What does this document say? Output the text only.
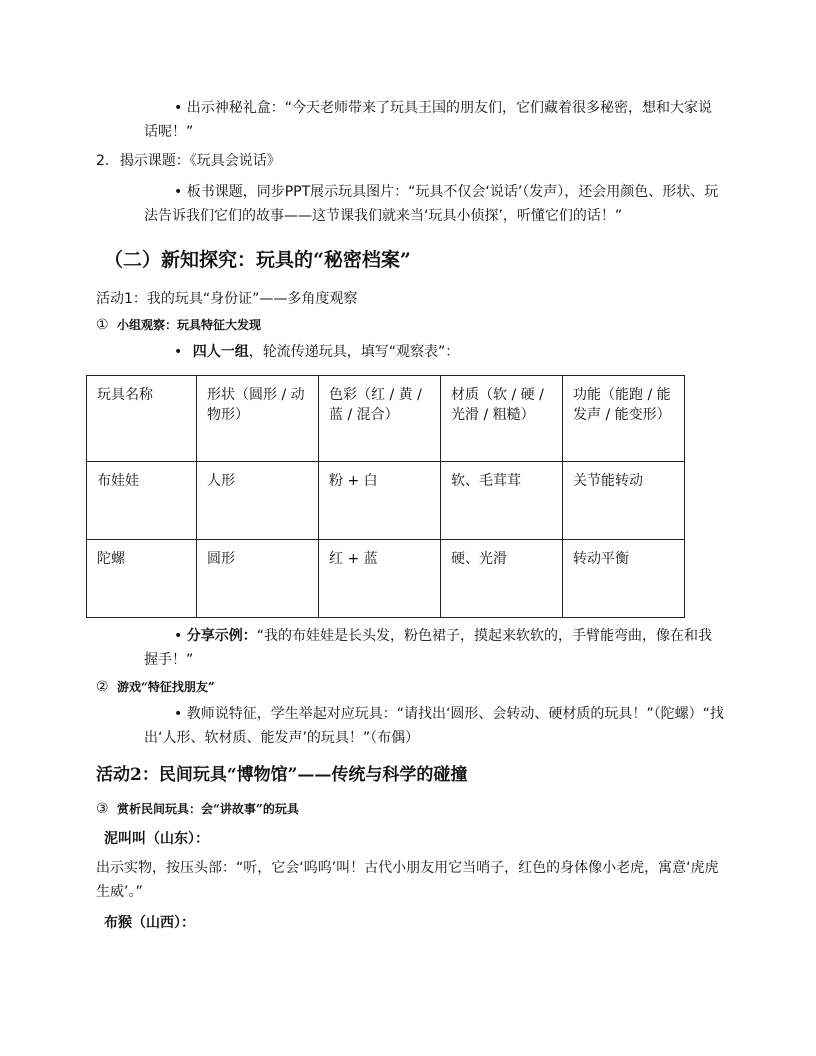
• 出示神秘礼盒：“今天老师带来了玩具王国的朋友们，它们藏着很多秘密，想和大家说话呢！”
2. 揭示课题：《玩具会说话》
• 板书课题，同步PPT展示玩具图片：“玩具不仅会‘说话’（发声），还会用颜色、形状、玩法告诉我们它们的故事——这节课我们就来当‘玩具小侦探’，听懂它们的话！”
（二）新知探究：玩具的“秘密档案”
活动1：我的玩具“身份证”——多角度观察
① 小组观察：玩具特征大发现
• 四人一组，轮流传递玩具，填写“观察表”：
玩具名称	形状（圆形 / 动物形）	色彩（红 / 黄 / 蓝 / 混合）	材质（软 / 硬 / 光滑 / 粗糙）	功能（能跑 / 能发声 / 能变形）
布娃娃	人形	粉 + 白	软、毛茸茸	关节能转动
陀螺	圆形	红 + 蓝	硬、光滑	转动平衡
• 分享示例：“我的布娃娃是长头发，粉色裙子，摸起来软软的，手臂能弯曲，像在和我握手！”
② 游戏“特征找朋友”
• 教师说特征，学生举起对应玩具：“请找出‘圆形、会转动、硬材质的玩具！”（陀螺）“找出‘人形、软材质、能发声’的玩具！”（布偶）
活动2：民间玩具“博物馆”——传统与科学的碰撞
③ 赏析民间玩具：会“讲故事”的玩具
泥叫叫（山东）：
出示实物，按压头部：“听，它会‘呜呜’叫！古代小朋友用它当哨子，红色的身体像小老虎，寓意‘虎虎生威’。”
布猴（山西）：
